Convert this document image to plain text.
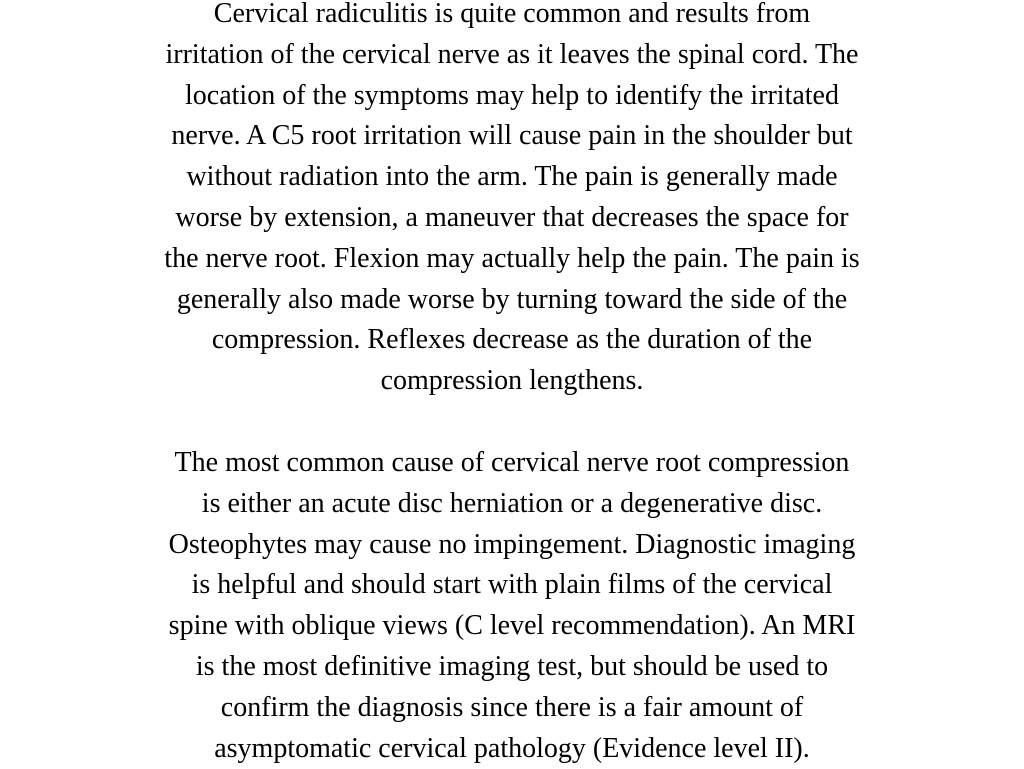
Cervical radiculitis is quite common and results from
irritation of the cervical nerve as it leaves the spinal cord. The
location of the symptoms may help to identify the irritated
nerve. A C5 root irritation will cause pain in the shoulder but
without radiation into the arm. The pain is generally made
worse by extension, a maneuver that decreases the space for
the nerve root. Flexion may actually help the pain. The pain is
generally also made worse by turning toward the side of the
compression. Reflexes decrease as the duration of the
compression lengthens.

The most common cause of cervical nerve root compression
is either an acute disc herniation or a degenerative disc.
Osteophytes may cause no impingement. Diagnostic imaging
is helpful and should start with plain films of the cervical
spine with oblique views (C level recommendation). An MRI
is the most definitive imaging test, but should be used to
confirm the diagnosis since there is a fair amount of
asymptomatic cervical pathology (Evidence level II).
